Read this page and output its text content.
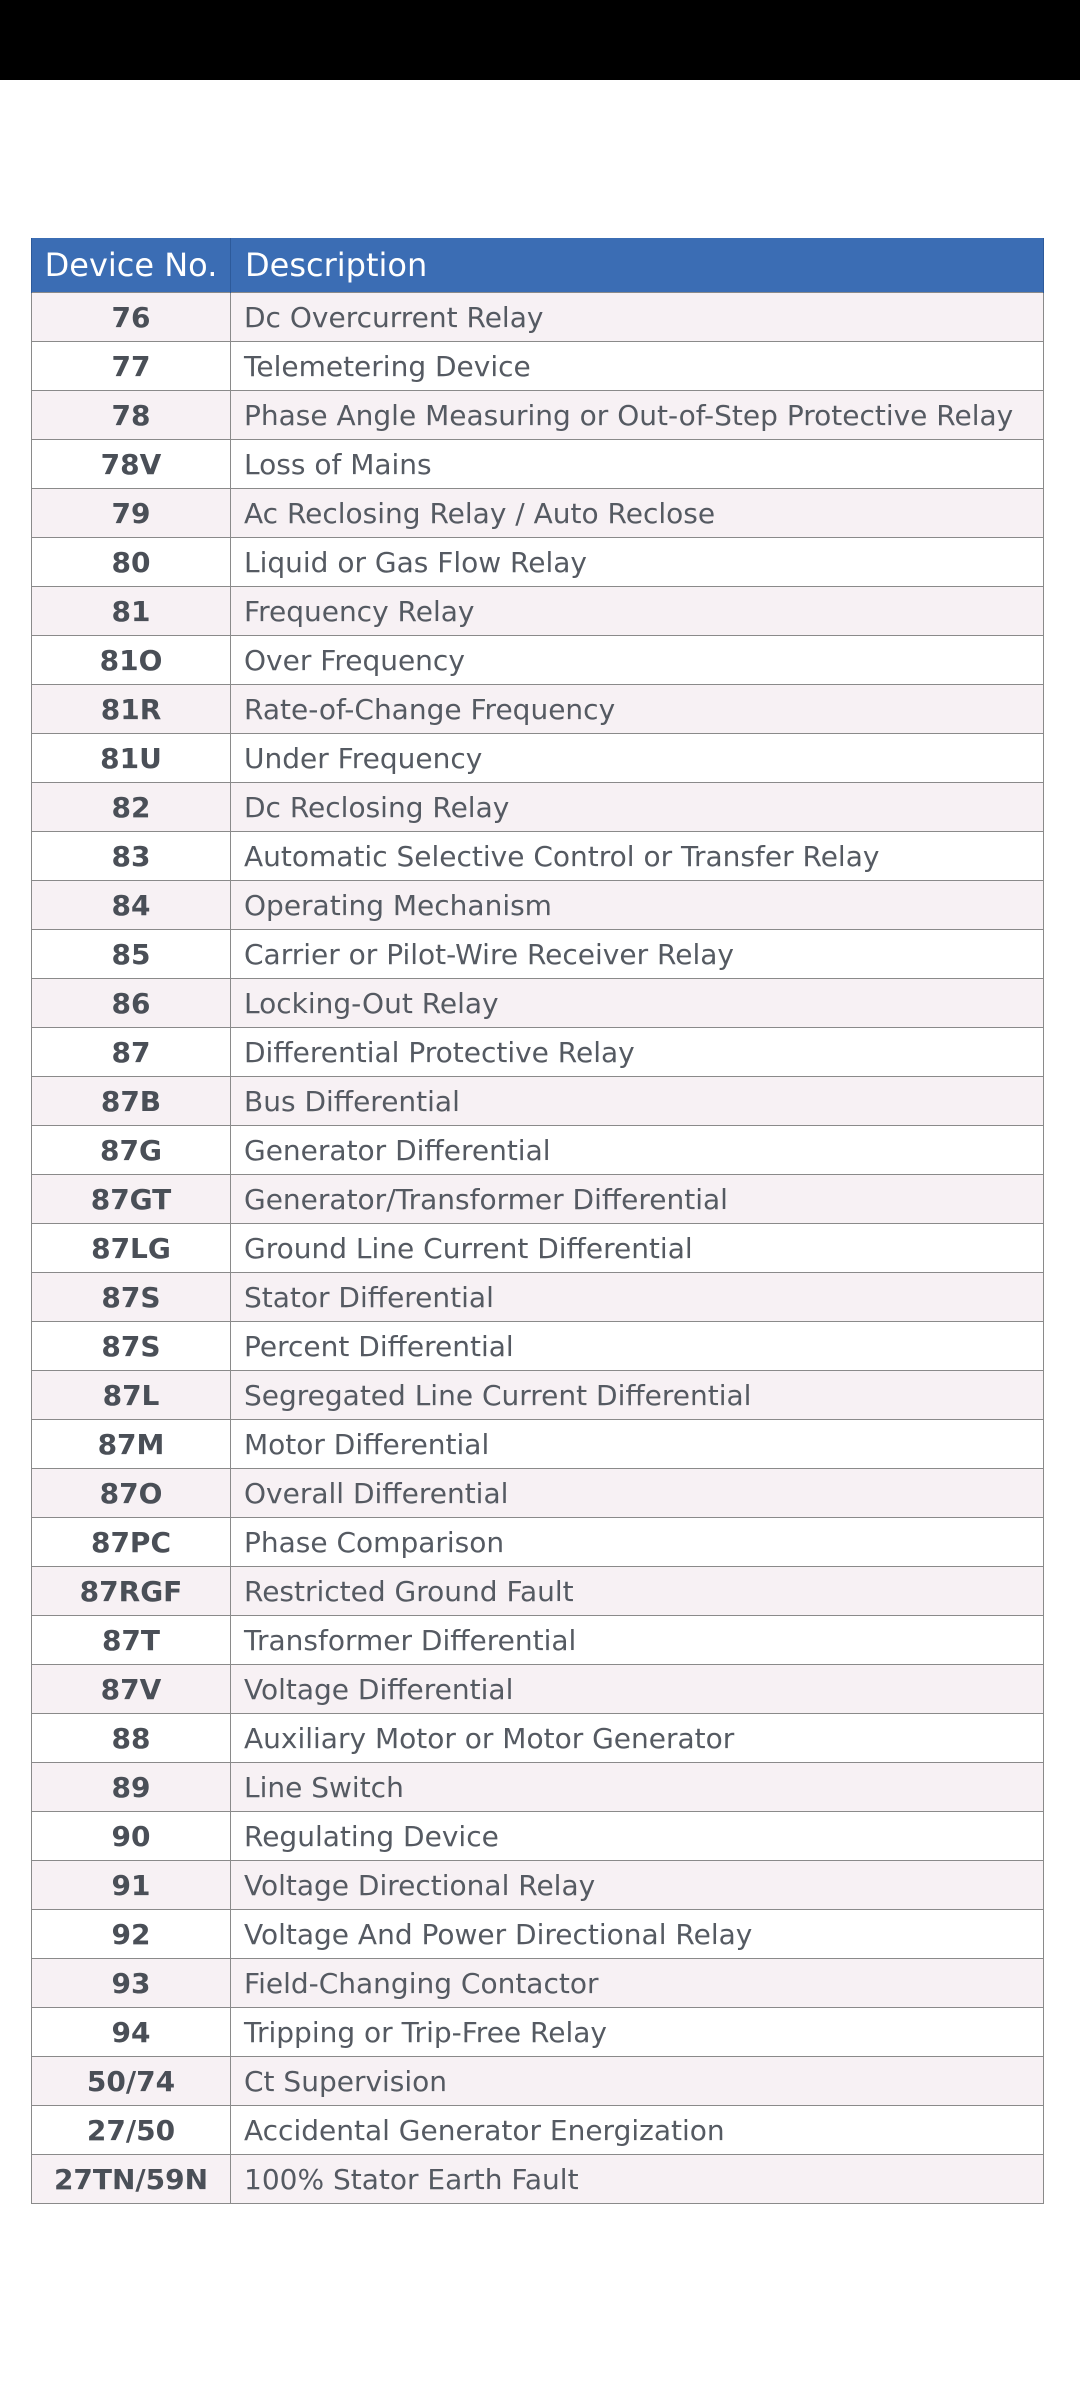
Device No.	Description
76	Dc Overcurrent Relay
77	Telemetering Device
78	Phase Angle Measuring or Out-of-Step Protective Relay
78V	Loss of Mains
79	Ac Reclosing Relay / Auto Reclose
80	Liquid or Gas Flow Relay
81	Frequency Relay
81O	Over Frequency
81R	Rate-of-Change Frequency
81U	Under Frequency
82	Dc Reclosing Relay
83	Automatic Selective Control or Transfer Relay
84	Operating Mechanism
85	Carrier or Pilot-Wire Receiver Relay
86	Locking-Out Relay
87	Differential Protective Relay
87B	Bus Differential
87G	Generator Differential
87GT	Generator/Transformer Differential
87LG	Ground Line Current Differential
87S	Stator Differential
87S	Percent Differential
87L	Segregated Line Current Differential
87M	Motor Differential
87O	Overall Differential
87PC	Phase Comparison
87RGF	Restricted Ground Fault
87T	Transformer Differential
87V	Voltage Differential
88	Auxiliary Motor or Motor Generator
89	Line Switch
90	Regulating Device
91	Voltage Directional Relay
92	Voltage And Power Directional Relay
93	Field-Changing Contactor
94	Tripping or Trip-Free Relay
50/74	Ct Supervision
27/50	Accidental Generator Energization
27TN/59N	100% Stator Earth Fault
